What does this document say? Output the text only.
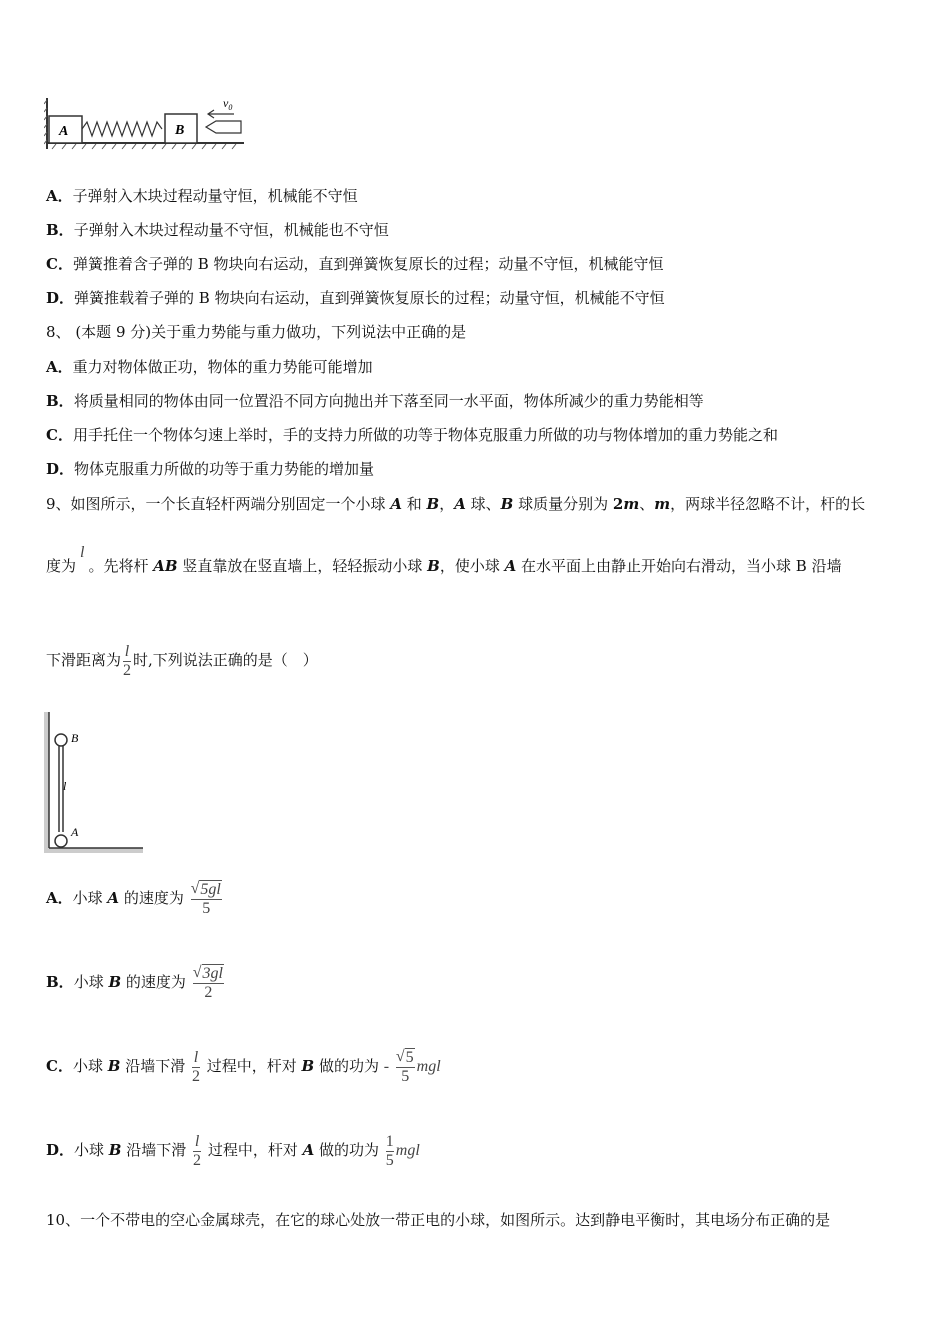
A	B
$v_0$
A．子弹射入木块过程动量守恒，机械能不守恒
B．子弹射入木块过程动量不守恒，机械能也不守恒
C．弹簧推着含子弹的 B 物块向右运动，直到弹簧恢复原长的过程；动量不守恒，机械能守恒
D．弹簧推载着子弹的 B 物块向右运动，直到弹簧恢复原长的过程；动量守恒，机械能不守恒
8、 (本题 9 分)关于重力势能与重力做功，下列说法中正确的是
A．重力对物体做正功，物体的重力势能可能增加
B．将质量相同的物体由同一位置沿不同方向抛出并下落至同一水平面，物体所减少的重力势能相等
C．用手托住一个物体匀速上举时，手的支持力所做的功等于物体克服重力所做的功与物体增加的重力势能之和
D．物体克服重力所做的功等于重力势能的增加量
9、如图所示，一个长直轻杆两端分别固定一个小球 A 和 B，A 球、B 球质量分别为 2m、m，两球半径忽略不计，杆的长
度为l。先将杆 AB 竖直靠放在竖直墙上，轻轻振动小球 B，使小球 A 在水平面上由静止开始向右滑动，当小球 B 沿墙
下滑距离为 $\frac{l}{2}$ 时,下列说法正确的是（　）
B
l
A
A．小球 A 的速度为 $\frac{√ 5gl}{5}$
B．小球 B 的速度为 $\frac{√ 3gl}{2}$
C．小球 B 沿墙下滑 $\frac{l}{2}$ 过程中，杆对 B 做的功为 - $\frac{√ 5}{5}$ mgl
D．小球 B 沿墙下滑 $\frac{l}{2}$ 过程中，杆对 A 做的功为 $\frac{1}{5}$ mgl
10、一个不带电的空心金属球壳，在它的球心处放一带正电的小球，如图所示。达到静电平衡时，其电场分布正确的是
